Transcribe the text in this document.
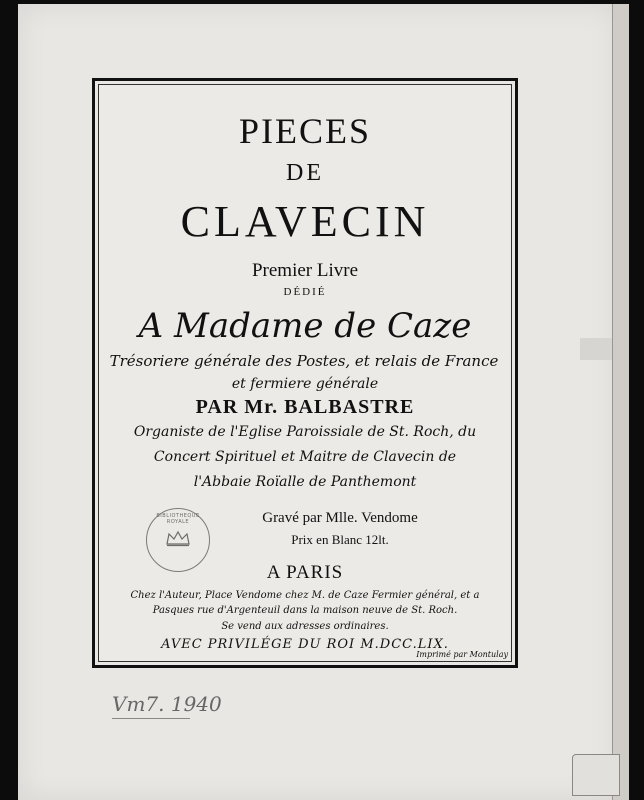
PIECES
DE
CLAVECIN
Premier Livre
DÉDIÉ
A Madame de Caze
Trésoriere générale des Postes, et relais de France
et fermiere générale
PAR Mr. BALBASTRE
Organiste de l'Eglise Paroissiale de St. Roch, du
Concert Spirituel et Maitre de Clavecin de
l'Abbaie Roïalle de Panthemont
Gravé par Mlle. Vendome
Prix en Blanc 12lt.
A PARIS
Chez l'Auteur, Place Vendome chez M. de Caze Fermier général, et a
Pasques rue d'Argenteuil dans la maison neuve de St. Roch.
Se vend aux adresses ordinaires.
AVEC PRIVILÉGE DU ROI M.DCC.LIX.
Imprimé par Montulay
BIBLIOTHEQUE ROYALE
Vm7. 1940
